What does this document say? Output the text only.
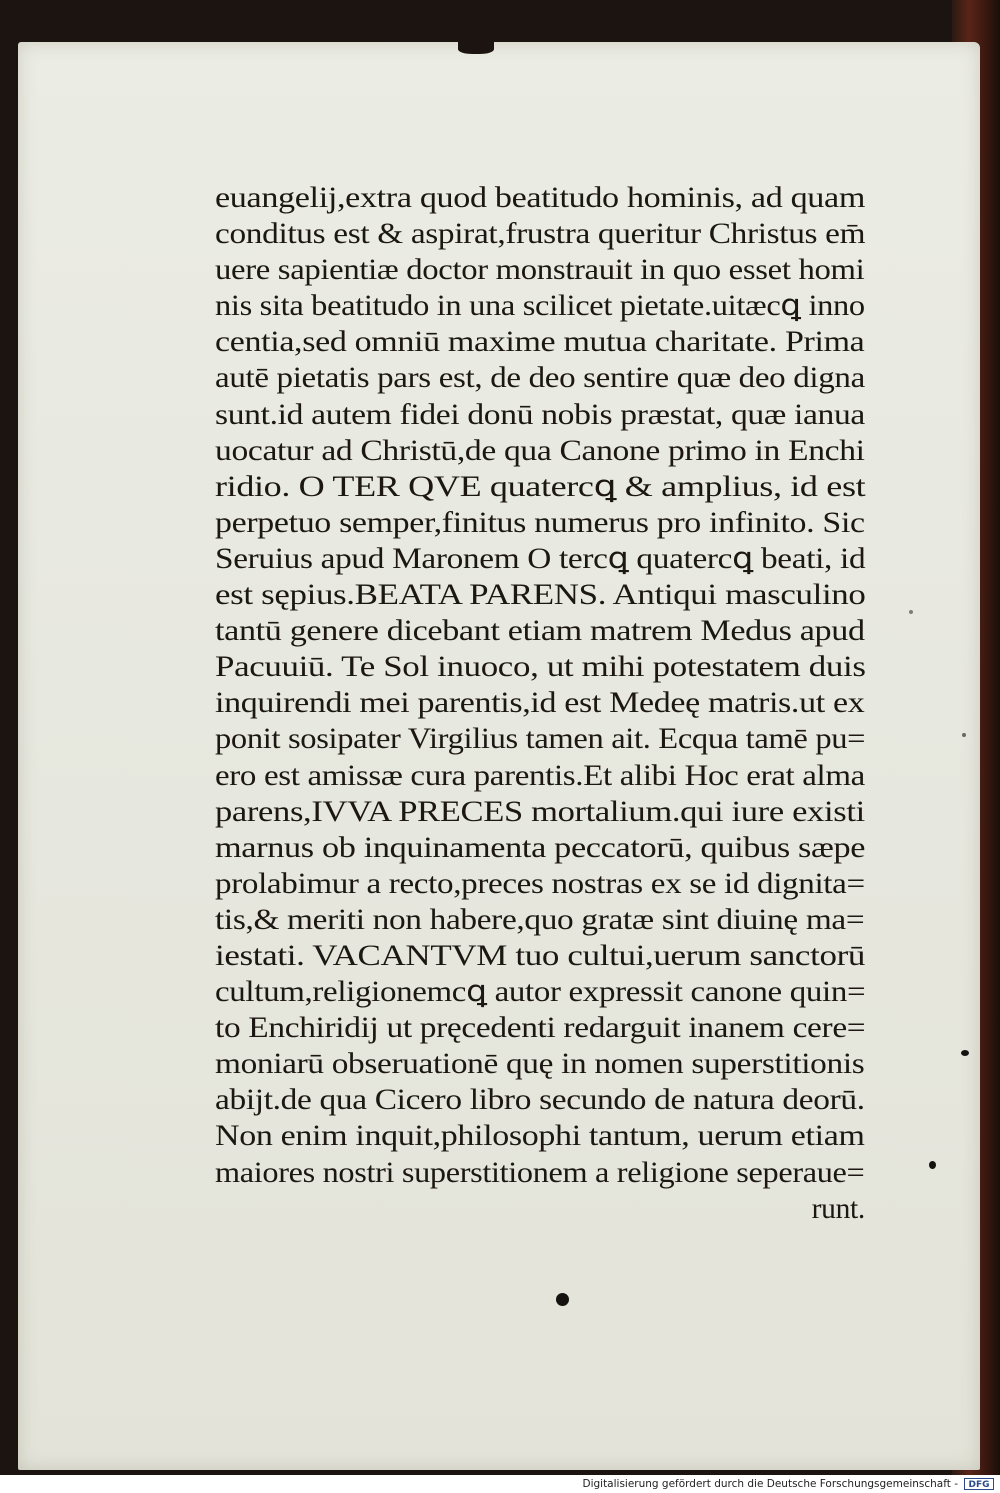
euangelij,extra quod beatitudo hominis, ad quam
conditus est & aspirat,frustra queritur Christus em̄
uere sapientiæ doctor monstrauit in quo esset homi
nis sita beatitudo in una scilicet pietate.uitæcꝗ inno
centia,sed omniū maxime mutua charitate. Prima
autē pietatis pars est, de deo sentire quæ deo digna
sunt.id autem fidei donū nobis præstat, quæ ianua
uocatur ad Christū,de qua Canone primo in Enchi
ridio. O TER QVE quatercꝗ & amplius, id est
perpetuo semper,finitus numerus pro infinito. Sic
Seruius apud Maronem O tercꝗ quatercꝗ beati, id
est sępius.BEATA PARENS. Antiqui masculino
tantū genere dicebant etiam matrem Medus apud
Pacuuiū. Te Sol inuoco, ut mihi potestatem duis
inquirendi mei parentis,id est Medeę matris.ut ex
ponit sosipater Virgilius tamen ait. Ecqua tamē pu=
ero est amissæ cura parentis.Et alibi Hoc erat alma
parens,IVVA PRECES mortalium.qui iure existi
marnus ob inquinamenta peccatorū, quibus sæpe
prolabimur a recto,preces nostras ex se id dignita=
tis,& meriti non habere,quo gratæ sint diuinę ma=
iestati. VACANTVM tuo cultui,uerum sanctorū
cultum,religionemcꝗ autor expressit canone quin=
to Enchiridij ut pręcedenti redarguit inanem cere=
moniarū obseruationē quę in nomen superstitionis
abijt.de qua Cicero libro secundo de natura deorū.
Non enim inquit,philosophi tantum, uerum etiam
maiores nostri superstitionem a religione seperaue=
runt.
Digitalisierung gefördert durch die Deutsche Forschungsgemeinschaft -	DFG
